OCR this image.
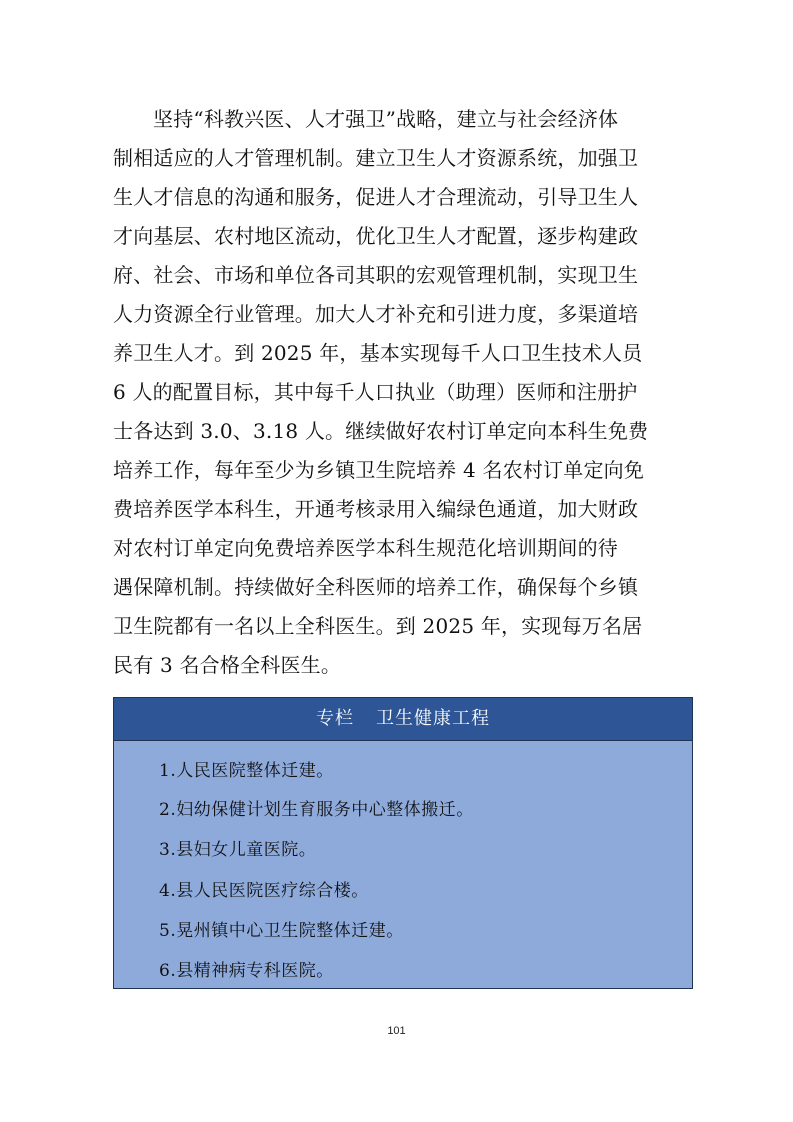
坚持“科教兴医、人才强卫”战略，建立与社会经济体
制相适应的人才管理机制。建立卫生人才资源系统，加强卫
生人才信息的沟通和服务，促进人才合理流动，引导卫生人
才向基层、农村地区流动，优化卫生人才配置，逐步构建政
府、社会、市场和单位各司其职的宏观管理机制，实现卫生
人力资源全行业管理。加大人才补充和引进力度，多渠道培
养卫生人才。到 2025 年，基本实现每千人口卫生技术人员
6 人的配置目标，其中每千人口执业（助理）医师和注册护
士各达到 3.0、3.18 人。继续做好农村订单定向本科生免费
培养工作，每年至少为乡镇卫生院培养 4 名农村订单定向免
费培养医学本科生，开通考核录用入编绿色通道，加大财政
对农村订单定向免费培养医学本科生规范化培训期间的待
遇保障机制。持续做好全科医师的培养工作，确保每个乡镇
卫生院都有一名以上全科医生。到 2025 年，实现每万名居
民有 3 名合格全科医生。
专栏 卫生健康工程
1.人民医院整体迁建。
2.妇幼保健计划生育服务中心整体搬迁。
3.县妇女儿童医院。
4.县人民医院医疗综合楼。
5.晃州镇中心卫生院整体迁建。
6.县精神病专科医院。
101
